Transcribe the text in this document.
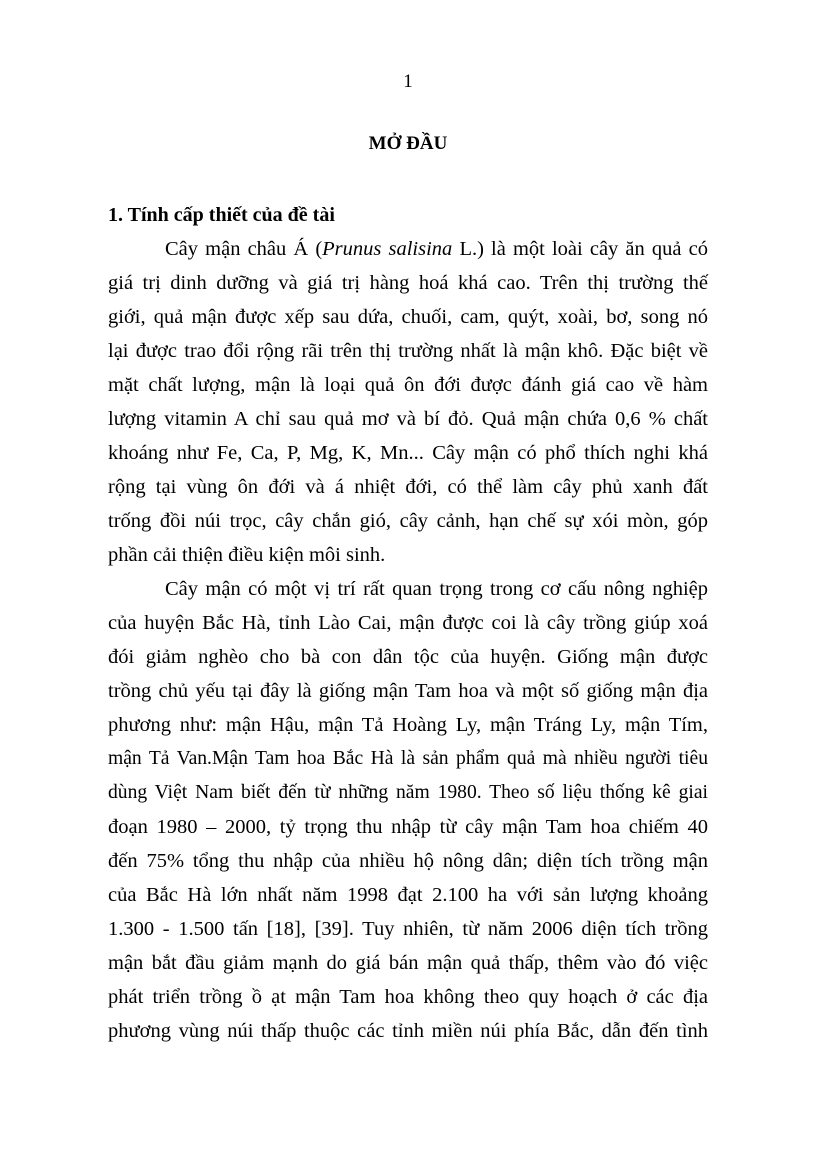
1
MỞ ĐẦU
1. Tính cấp thiết của đề tài
Cây mận châu Á (Prunus salisina L.) là một loài cây ăn quả có
giá trị dinh dưỡng và giá trị hàng hoá khá cao. Trên thị trường thế
giới, quả mận được xếp sau dứa, chuối, cam, quýt, xoài, bơ, song nó
lại được trao đổi rộng rãi trên thị trường nhất là mận khô. Đặc biệt về
mặt chất lượng, mận là loại quả ôn đới được đánh giá cao về hàm
lượng vitamin A chỉ sau quả mơ và bí đỏ. Quả mận chứa 0,6 % chất
khoáng như Fe, Ca, P, Mg, K, Mn... Cây mận có phổ thích nghi khá
rộng tại vùng ôn đới và á nhiệt đới, có thể làm cây phủ xanh đất
trống đồi núi trọc, cây chắn gió, cây cảnh, hạn chế sự xói mòn, góp
phần cải thiện điều kiện môi sinh.
Cây mận có một vị trí rất quan trọng trong cơ cấu nông nghiệp
của huyện Bắc Hà, tỉnh Lào Cai, mận được coi là cây trồng giúp xoá
đói giảm nghèo cho bà con dân tộc của huyện. Giống mận được
trồng chủ yếu tại đây là giống mận Tam hoa và một số giống mận địa
phương như: mận Hậu, mận Tả Hoàng Ly, mận Tráng Ly, mận Tím,
mận Tả Van.Mận Tam hoa Bắc Hà là sản phẩm quả mà nhiều người tiêu
dùng Việt Nam biết đến từ những năm 1980. Theo số liệu thống kê giai
đoạn 1980 – 2000, tỷ trọng thu nhập từ cây mận Tam hoa chiếm 40
đến 75% tổng thu nhập của nhiều hộ nông dân; diện tích trồng mận
của Bắc Hà lớn nhất năm 1998 đạt 2.100 ha với sản lượng khoảng
1.300 - 1.500 tấn [18], [39]. Tuy nhiên, từ năm 2006 diện tích trồng
mận bắt đầu giảm mạnh do giá bán mận quả thấp, thêm vào đó việc
phát triển trồng ồ ạt mận Tam hoa không theo quy hoạch ở các địa
phương vùng núi thấp thuộc các tỉnh miền núi phía Bắc, dẫn đến tình
